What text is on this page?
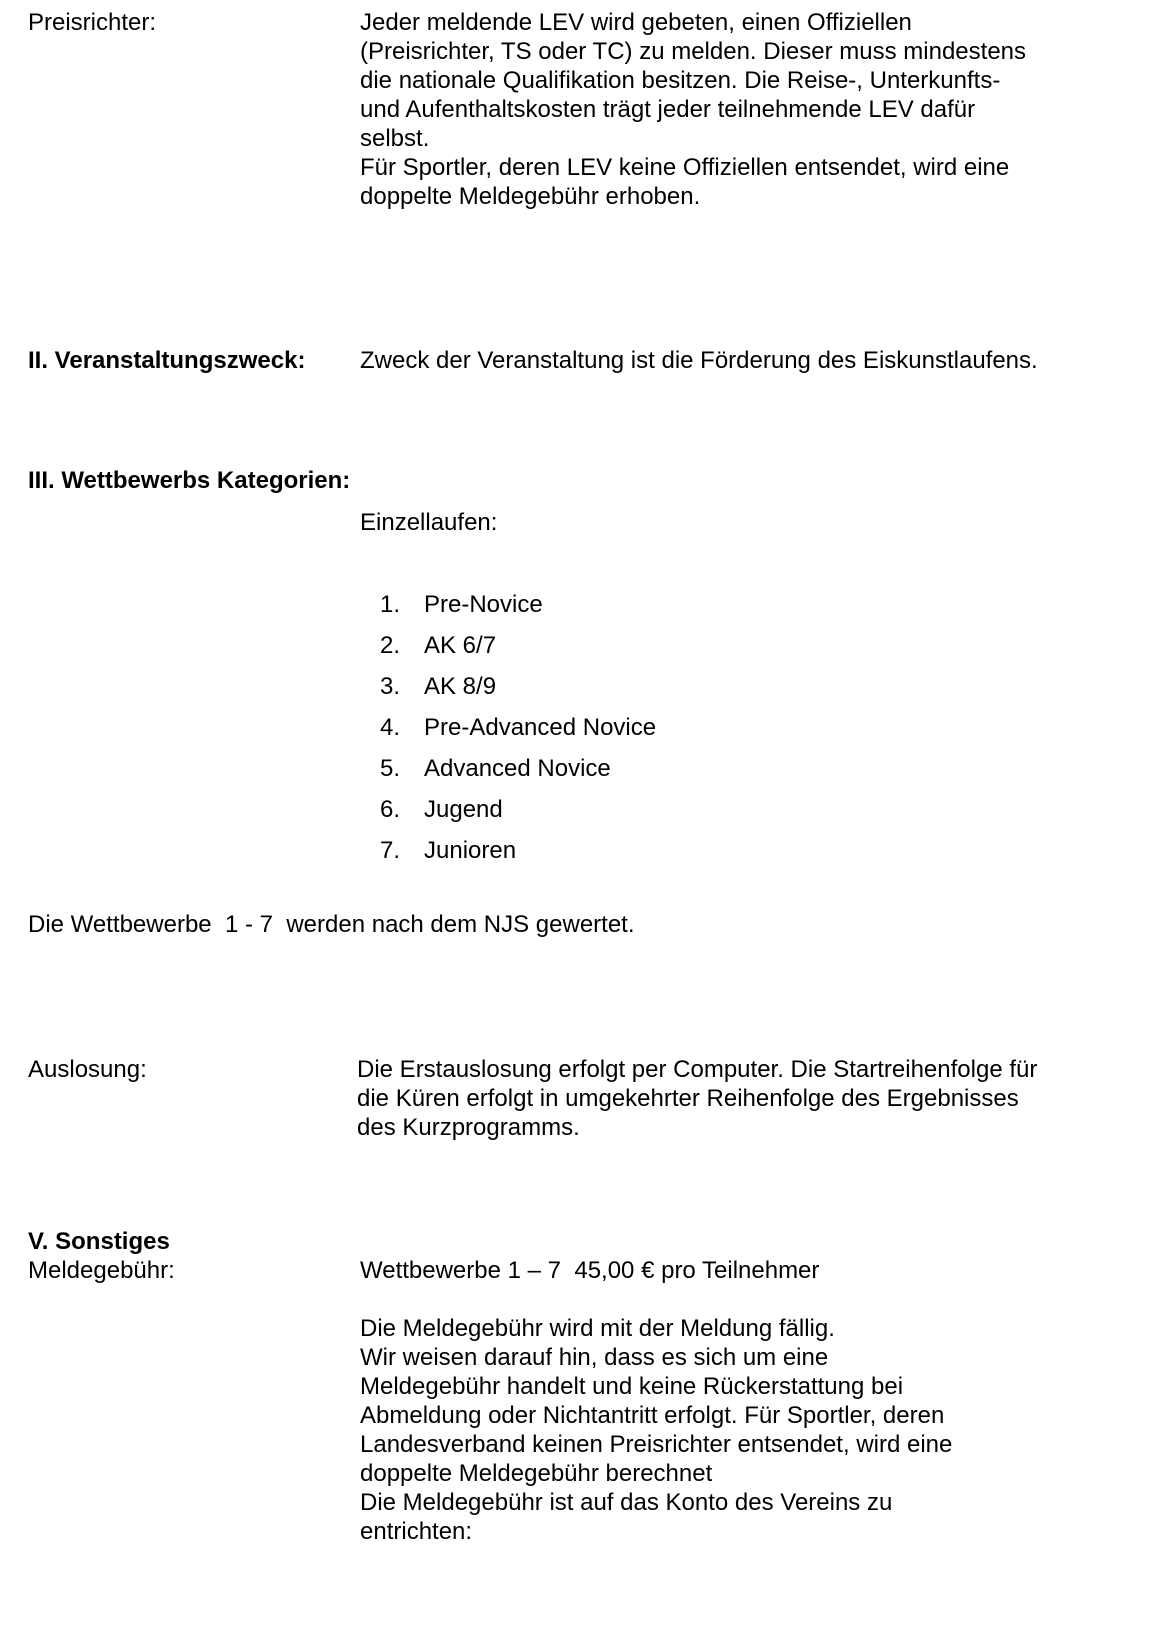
Preisrichter:	Jeder meldende LEV wird gebeten, einen Offiziellen
(Preisrichter, TS oder TC) zu melden. Dieser muss mindestens
die nationale Qualifikation besitzen. Die Reise-, Unterkunfts-
und Aufenthaltskosten trägt jeder teilnehmende LEV dafür
selbst.
Für Sportler, deren LEV keine Offiziellen entsendet, wird eine
doppelte Meldegebühr erhoben.
II. Veranstaltungszweck: Zweck der Veranstaltung ist die Förderung des Eiskunstlaufens.
III. Wettbewerbs Kategorien:
Einzellaufen:
1. Pre-Novice
2. AK 6/7
3. AK 8/9
4. Pre-Advanced Novice
5. Advanced Novice
6. Jugend
7. Junioren
Die Wettbewerbe  1 - 7  werden nach dem NJS gewertet.
Auslosung:	Die Erstauslosung erfolgt per Computer. Die Startreihenfolge für
die Küren erfolgt in umgekehrter Reihenfolge des Ergebnisses
des Kurzprogramms.
V. Sonstiges
Meldegebühr:	Wettbewerbe 1 – 7  45,00 € pro Teilnehmer
Die Meldegebühr wird mit der Meldung fällig.
Wir weisen darauf hin, dass es sich um eine
Meldegebühr handelt und keine Rückerstattung bei
Abmeldung oder Nichtantritt erfolgt. Für Sportler, deren
Landesverband keinen Preisrichter entsendet, wird eine
doppelte Meldegebühr berechnet
Die Meldegebühr ist auf das Konto des Vereins zu
entrichten:
